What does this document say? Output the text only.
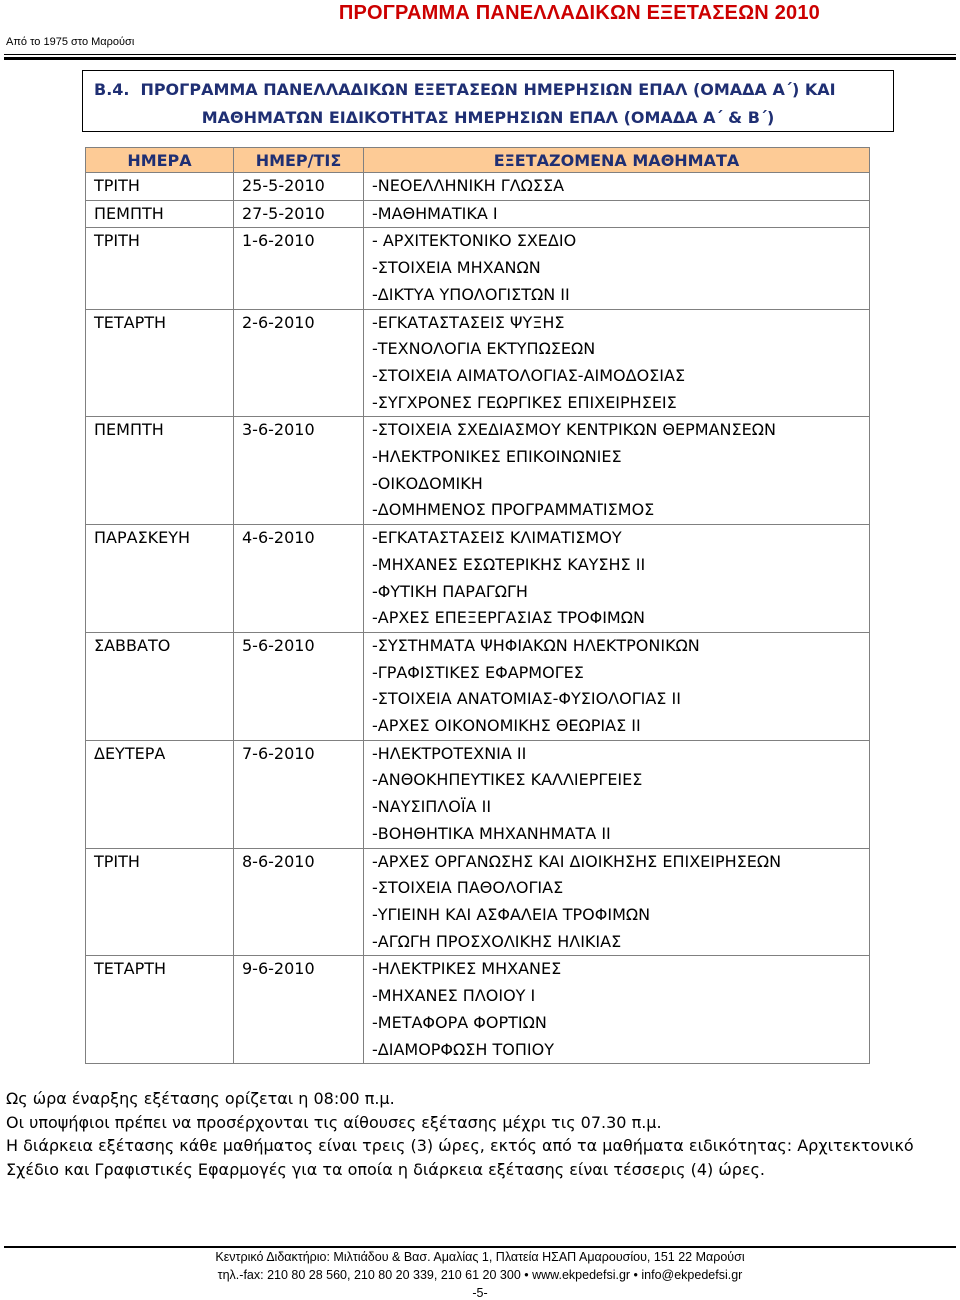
ΠΡΟΓΡΑΜΜΑ ΠΑΝΕΛΛΑΔΙΚΩΝ ΕΞΕΤΑΣΕΩΝ 2010
Από το 1975 στο Μαρούσι
Β.4. ΠΡΟΓΡΑΜΜΑ ΠΑΝΕΛΛΑΔΙΚΩΝ ΕΞΕΤΑΣΕΩΝ ΗΜΕΡΗΣΙΩΝ ΕΠΑΛ (ΟΜΑΔΑ Α΄) ΚΑΙ
ΜΑΘΗΜΑΤΩΝ ΕΙΔΙΚΟΤΗΤΑΣ ΗΜΕΡΗΣΙΩΝ ΕΠΑΛ (ΟΜΑΔΑ Α΄ & Β΄)
ΗΜΕΡΑ	ΗΜΕΡ/ΤΙΣ	ΕΞΕΤΑΖΟΜΕΝΑ ΜΑΘΗΜΑΤΑ

ΤΡΙΤΗ	25-5-2010	-ΝΕΟΕΛΛΗΝΙΚΗ ΓΛΩΣΣΑ

ΠΕΜΠΤΗ	27-5-2010	-ΜΑΘΗΜΑΤΙΚΑ Ι

ΤΡΙΤΗ	1-6-2010	- ΑΡΧΙΤΕΚΤΟΝΙΚΟ ΣΧΕΔΙΟ
-ΣΤΟΙΧΕΙΑ ΜΗΧΑΝΩΝ
-ΔΙΚΤΥΑ ΥΠΟΛΟΓΙΣΤΩΝ ΙΙ

ΤΕΤΑΡΤΗ	2-6-2010	-ΕΓΚΑΤΑΣΤΑΣΕΙΣ ΨΥΞΗΣ
-ΤΕΧΝΟΛΟΓΙΑ ΕΚΤΥΠΩΣΕΩΝ
-ΣΤΟΙΧΕΙΑ ΑΙΜΑΤΟΛΟΓΙΑΣ-ΑΙΜΟΔΟΣΙΑΣ
-ΣΥΓΧΡΟΝΕΣ ΓΕΩΡΓΙΚΕΣ ΕΠΙΧΕΙΡΗΣΕΙΣ

ΠΕΜΠΤΗ	3-6-2010	-ΣΤΟΙΧΕΙΑ ΣΧΕΔΙΑΣΜΟΥ ΚΕΝΤΡΙΚΩΝ ΘΕΡΜΑΝΣΕΩΝ
-ΗΛΕΚΤΡΟΝΙΚΕΣ ΕΠΙΚΟΙΝΩΝΙΕΣ
-ΟΙΚΟΔΟΜΙΚΗ
-ΔΟΜΗΜΕΝΟΣ ΠΡΟΓΡΑΜΜΑΤΙΣΜΟΣ

ΠΑΡΑΣΚΕΥΗ	4-6-2010	-ΕΓΚΑΤΑΣΤΑΣΕΙΣ ΚΛΙΜΑΤΙΣΜΟΥ
-ΜΗΧΑΝΕΣ ΕΣΩΤΕΡΙΚΗΣ ΚΑΥΣΗΣ ΙΙ
-ΦΥΤΙΚΗ ΠΑΡΑΓΩΓΗ
-ΑΡΧΕΣ ΕΠΕΞΕΡΓΑΣΙΑΣ ΤΡΟΦΙΜΩΝ

ΣΑΒΒΑΤΟ	5-6-2010	-ΣΥΣΤΗΜΑΤΑ ΨΗΦΙΑΚΩΝ ΗΛΕΚΤΡΟΝΙΚΩΝ
-ΓΡΑΦΙΣΤΙΚΕΣ ΕΦΑΡΜΟΓΕΣ
-ΣΤΟΙΧΕΙΑ ΑΝΑΤΟΜΙΑΣ-ΦΥΣΙΟΛΟΓΙΑΣ ΙΙ
-ΑΡΧΕΣ ΟΙΚΟΝΟΜΙΚΗΣ ΘΕΩΡΙΑΣ ΙΙ

ΔΕΥΤΕΡΑ	7-6-2010	-ΗΛΕΚΤΡΟΤΕΧΝΙΑ ΙΙ
-ΑΝΘΟΚΗΠΕΥΤΙΚΕΣ ΚΑΛΛΙΕΡΓΕΙΕΣ
-ΝΑΥΣΙΠΛΟΪΑ ΙΙ
-ΒΟΗΘΗΤΙΚΑ ΜΗΧΑΝΗΜΑΤΑ ΙΙ

ΤΡΙΤΗ	8-6-2010	-ΑΡΧΕΣ ΟΡΓΑΝΩΣΗΣ ΚΑΙ ΔΙΟΙΚΗΣΗΣ ΕΠΙΧΕΙΡΗΣΕΩΝ
-ΣΤΟΙΧΕΙΑ ΠΑΘΟΛΟΓΙΑΣ
-ΥΓΙΕΙΝΗ ΚΑΙ ΑΣΦΑΛΕΙΑ ΤΡΟΦΙΜΩΝ
-ΑΓΩΓΗ ΠΡΟΣΧΟΛΙΚΗΣ ΗΛΙΚΙΑΣ

ΤΕΤΑΡΤΗ	9-6-2010	-ΗΛΕΚΤΡΙΚΕΣ ΜΗΧΑΝΕΣ
-ΜΗΧΑΝΕΣ ΠΛΟΙΟΥ Ι
-ΜΕΤΑΦΟΡΑ ΦΟΡΤΙΩΝ
-ΔΙΑΜΟΡΦΩΣΗ ΤΟΠΙΟΥ

Ως ώρα έναρξης εξέτασης ορίζεται η 08:00 π.μ.

Οι υποψήφιοι πρέπει να προσέρχονται τις αίθουσες εξέτασης μέχρι τις 07.30 π.μ.

Η διάρκεια εξέτασης κάθε μαθήματος είναι τρεις (3) ώρες, εκτός από τα μαθήματα ειδικότητας: Αρχιτεκτονικό

Σχέδιο και Γραφιστικές Εφαρμογές για τα οποία η διάρκεια εξέτασης είναι τέσσερις (4) ώρες.

Κεντρικό Διδακτήριο: Μιλτιάδου & Βασ. Αμαλίας 1, Πλατεία ΗΣΑΠ Αμαρουσίου, 151 22 Μαρούσι
τηλ.-fax: 210 80 28 560, 210 80 20 339, 210 61 20 300 • www.ekpedefsi.gr • info@ekpedefsi.gr
-5-
